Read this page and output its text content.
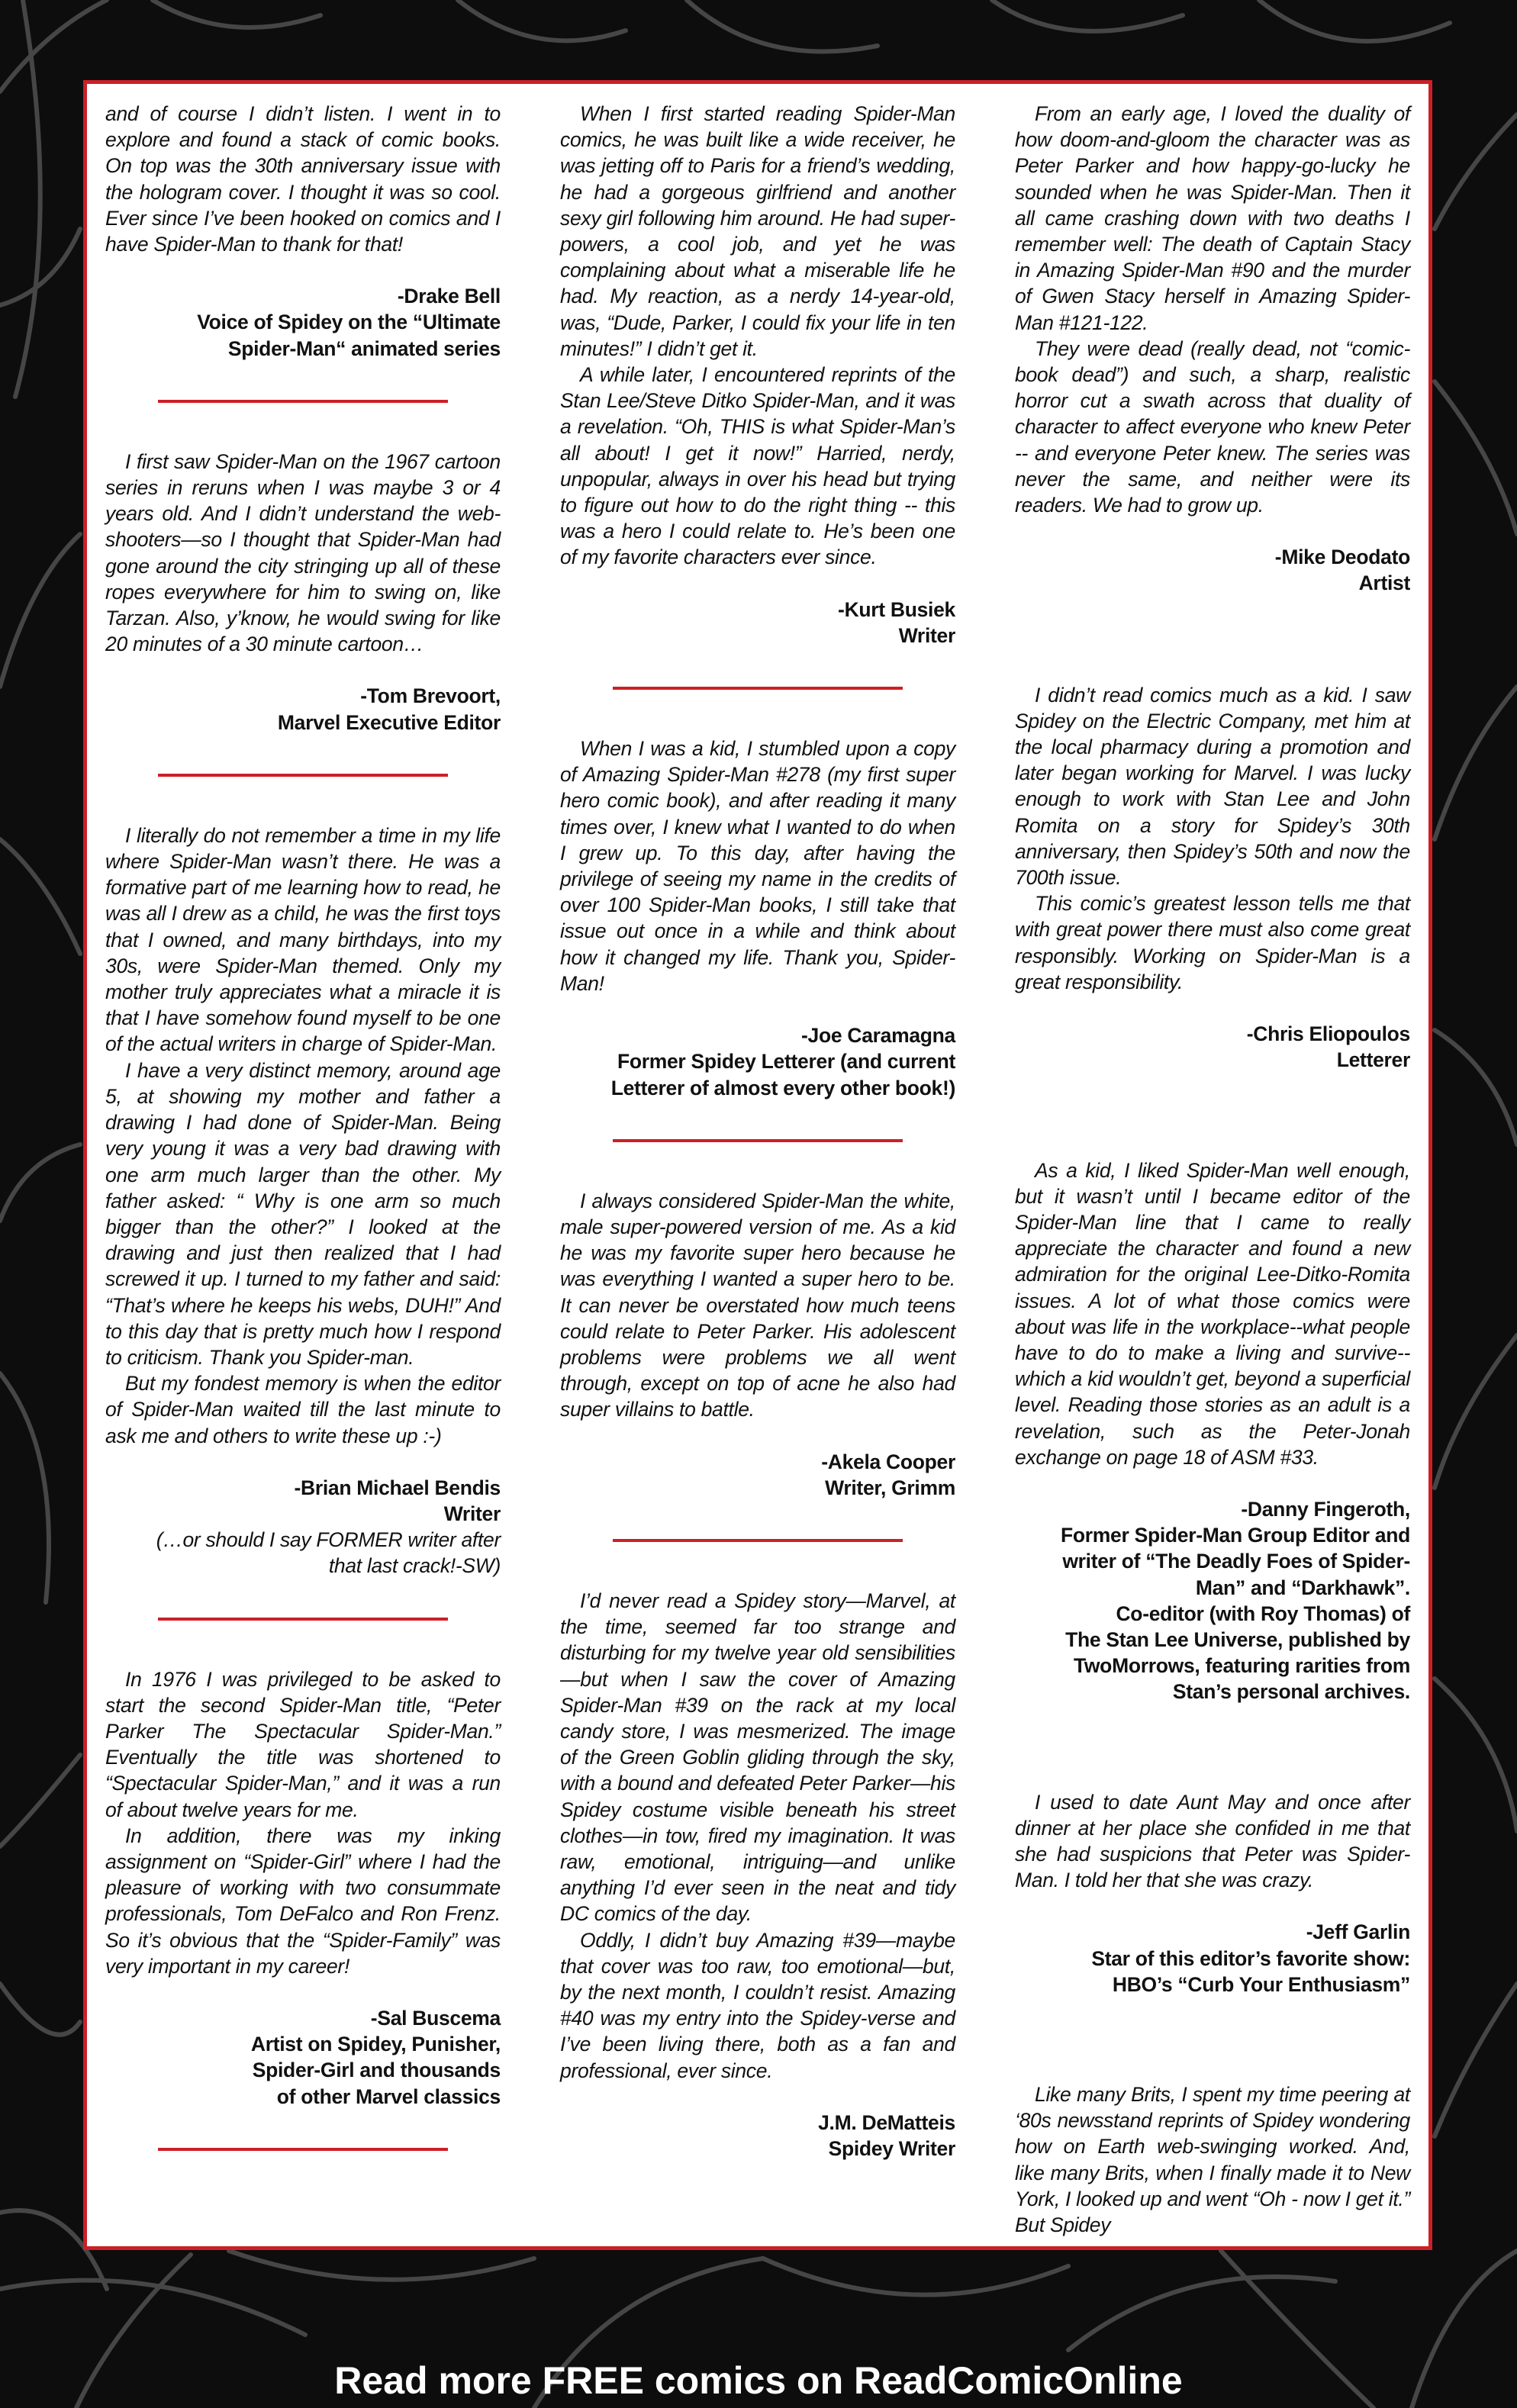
and of course I didn’t listen. I went in to explore and found a stack of comic books. On top was the 30th anniversary issue with the hologram cover. I thought it was so cool. Ever since I’ve been hooked on comics and I have Spider-Man to thank for that!

-Drake Bell

Voice of Spidey on the “Ultimate

Spider-Man“ animated series

I first saw Spider-Man on the 1967 cartoon series in reruns when I was maybe 3 or 4 years old. And I didn’t understand the web-shooters—so I thought that Spider-Man had gone around the city stringing up all of these ropes everywhere for him to swing on, like Tarzan. Also, y’know, he would swing for like 20 minutes of a 30 minute cartoon…

-Tom Brevoort,

Marvel Executive Editor

I literally do not remember a time in my life where Spider-Man wasn’t there. He was a formative part of me learning how to read, he was all I drew as a child, he was the first toys that I owned, and many birthdays, into my 30s, were Spider-Man themed. Only my mother truly appreciates what a miracle it is that I have somehow found myself to be one of the actual writers in charge of Spider-Man.

I have a very distinct memory, around age 5, at showing my mother and father a drawing I had done of Spider-Man. Being very young it was a very bad drawing with one arm much larger than the other. My father asked: “ Why is one arm so much bigger than the other?” I looked at the drawing and just then realized that I had screwed it up. I turned to my father and said: “That’s where he keeps his webs, DUH!” And to this day that is pretty much how I respond to criticism. Thank you Spider-man.

But my fondest memory is when the editor of Spider-Man waited till the last minute to ask me and others to write these up :-)

-Brian Michael Bendis

Writer

(…or should I say FORMER writer after

that last crack!-SW)

In 1976 I was privileged to be asked to start the second Spider-Man title, “Peter Parker The Spectacular Spider-Man.” Eventually the title was shortened to “Spectacular Spider-Man,” and it was a run of about twelve years for me.

In addition, there was my inking assignment on “Spider-Girl” where I had the pleasure of working with two consummate professionals, Tom DeFalco and Ron Frenz. So it’s obvious that the “Spider-Family” was very important in my career!

-Sal Buscema

Artist on Spidey, Punisher,

Spider-Girl and thousands

of other Marvel classics

When I first started reading Spider-Man comics, he was built like a wide receiver, he was jetting off to Paris for a friend’s wedding, he had a gorgeous girlfriend and another sexy girl following him around. He had super-powers, a cool job, and yet he was complaining about what a miserable life he had. My reaction, as a nerdy 14-year-old, was, “Dude, Parker, I could fix your life in ten minutes!” I didn’t get it.

A while later, I encountered reprints of the Stan Lee/Steve Ditko Spider-Man, and it was a revelation. “Oh, THIS is what Spider-Man’s all about! I get it now!” Harried, nerdy, unpopular, always in over his head but trying to figure out how to do the right thing -- this was a hero I could relate to. He’s been one of my favorite characters ever since.

-Kurt Busiek

Writer

When I was a kid, I stumbled upon a copy of Amazing Spider-Man #278 (my first super hero comic book), and after reading it many times over, I knew what I wanted to do when I grew up. To this day, after having the privilege of seeing my name in the credits of over 100 Spider-Man books, I still take that issue out once in a while and think about how it changed my life. Thank you, Spider-Man!

-Joe Caramagna

Former Spidey Letterer (and current

Letterer of almost every other book!)

I always considered Spider-Man the white, male super-powered version of me. As a kid he was my favorite super hero because he was everything I wanted a super hero to be. It can never be overstated how much teens could relate to Peter Parker. His adolescent problems were problems we all went through, except on top of acne he also had super villains to battle.

-Akela Cooper

Writer, Grimm

I’d never read a Spidey story—Marvel, at the time, seemed far too strange and disturbing for my twelve year old sensibilities—but when I saw the cover of Amazing Spider-Man #39 on the rack at my local candy store, I was mesmerized. The image of the Green Goblin gliding through the sky, with a bound and defeated Peter Parker—his Spidey costume visible beneath his street clothes—in tow, fired my imagination. It was raw, emotional, intriguing—and unlike anything I’d ever seen in the neat and tidy DC comics of the day.

Oddly, I didn’t buy Amazing #39—maybe that cover was too raw, too emotional—but, by the next month, I couldn’t resist. Amazing #40 was my entry into the Spidey-verse and I’ve been living there, both as a fan and professional, ever since.

J.M. DeMatteis

Spidey Writer

From an early age, I loved the duality of how doom-and-gloom the character was as Peter Parker and how happy-go-lucky he sounded when he was Spider-Man. Then it all came crashing down with two deaths I remember well: The death of Captain Stacy in Amazing Spider-Man #90 and the murder of Gwen Stacy herself in Amazing Spider-Man #121-122.

They were dead (really dead, not “comic-book dead”) and such, a sharp, realistic horror cut a swath across that duality of character to affect everyone who knew Peter -- and everyone Peter knew. The series was never the same, and neither were its readers. We had to grow up.

-Mike Deodato

Artist

I didn’t read comics much as a kid. I saw Spidey on the Electric Company, met him at the local pharmacy during a promotion and later began working for Marvel. I was lucky enough to work with Stan Lee and John Romita on a story for Spidey’s 30th anniversary, then Spidey’s 50th and now the 700th issue.

This comic’s greatest lesson tells me that with great power there must also come great responsibly. Working on Spider-Man is a great responsibility.

-Chris Eliopoulos

Letterer

As a kid, I liked Spider-Man well enough, but it wasn’t until I became editor of the Spider-Man line that I came to really appreciate the character and found a new admiration for the original Lee-Ditko-Romita issues. A lot of what those comics were about was life in the workplace--what people have to do to make a living and survive--which a kid wouldn’t get, beyond a superficial level. Reading those stories as an adult is a revelation, such as the Peter-Jonah exchange on page 18 of ASM #33.

-Danny Fingeroth,

Former Spider-Man Group Editor and

writer of “The Deadly Foes of Spider-

Man” and “Darkhawk”.

Co-editor (with Roy Thomas) of

The Stan Lee Universe, published by

TwoMorrows, featuring rarities from

Stan’s personal archives.

I used to date Aunt May and once after dinner at her place she confided in me that she had suspicions that Peter was Spider-Man. I told her that she was crazy.

-Jeff Garlin

Star of this editor’s favorite show:

HBO’s “Curb Your Enthusiasm”

Like many Brits, I spent my time peering at ‘80s newsstand reprints of Spidey wondering how on Earth web-swinging worked. And, like many Brits, when I finally made it to New York, I looked up and went “Oh - now I get it.” But Spidey

Read more FREE comics on ReadComicOnline
